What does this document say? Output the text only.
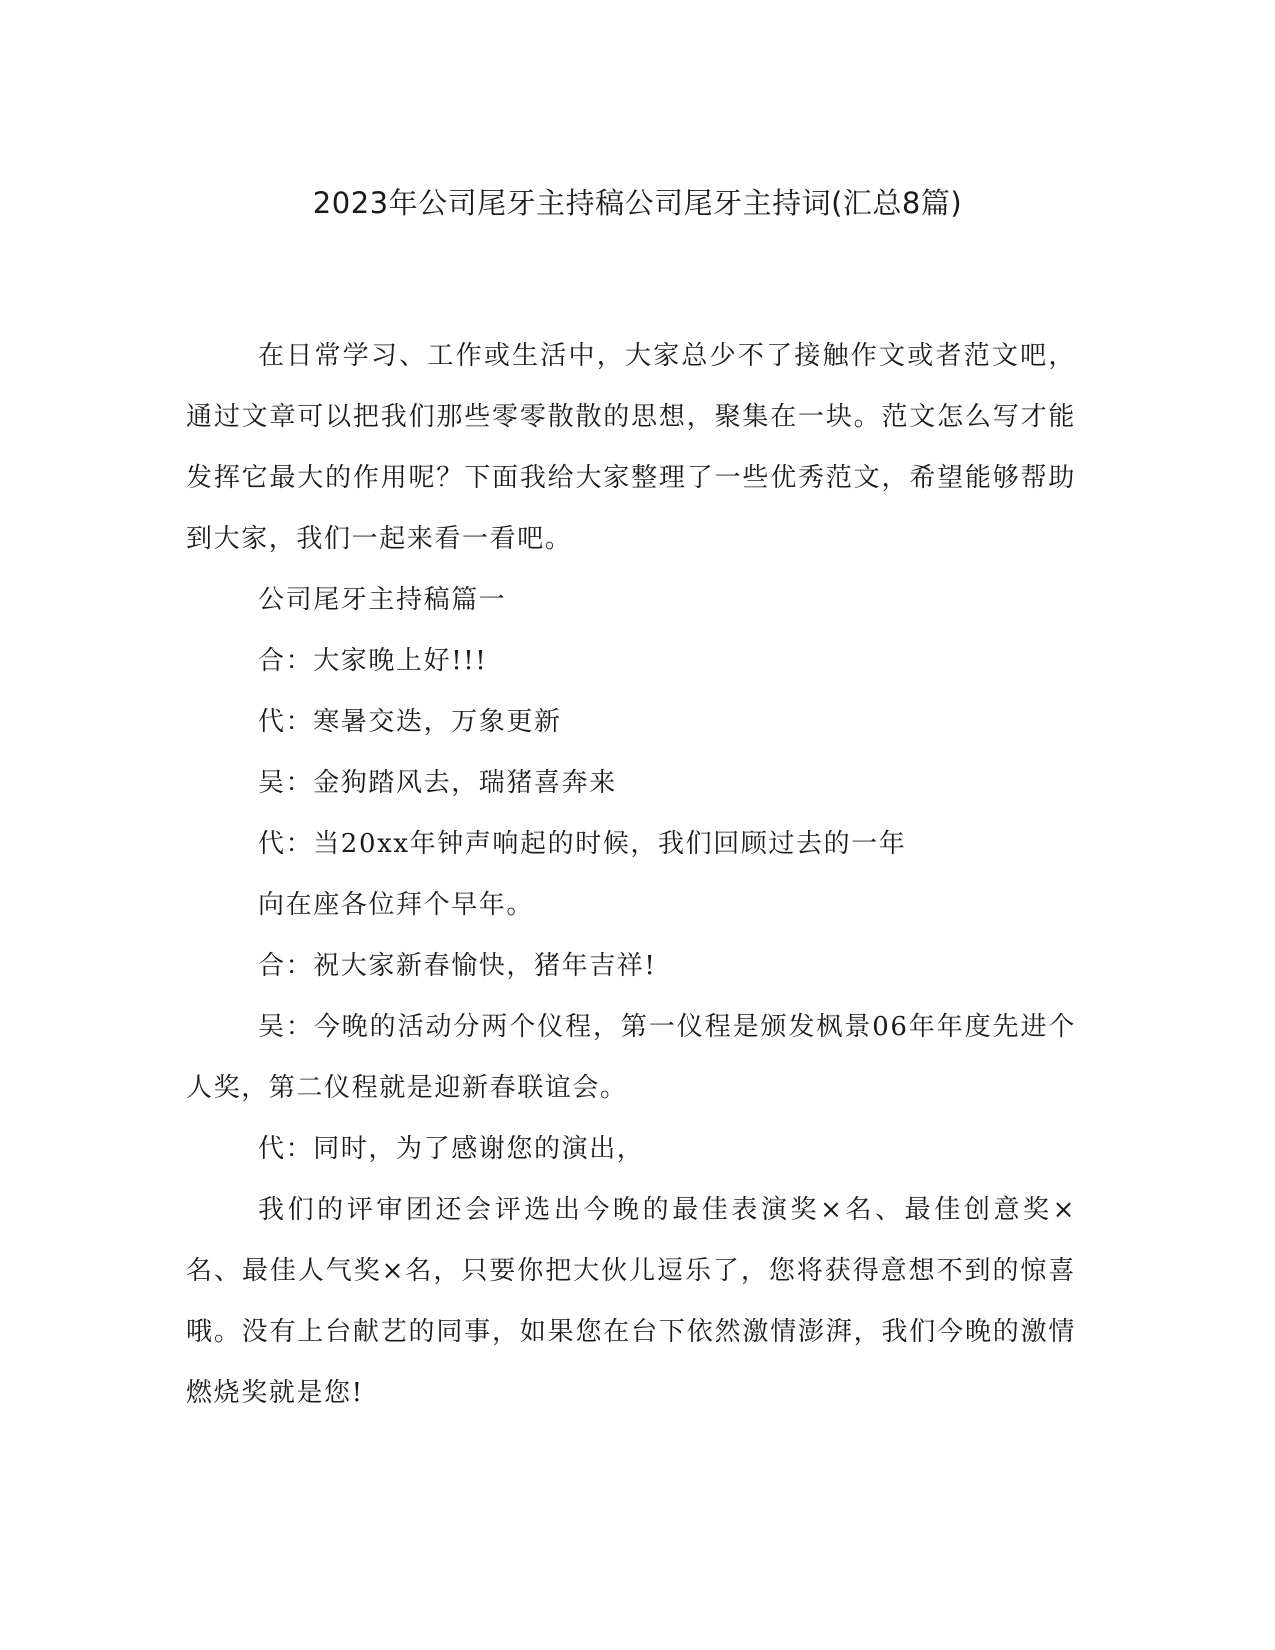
2023年公司尾牙主持稿公司尾牙主持词(汇总8篇)

在日常学习、工作或生活中，大家总少不了接触作文或者范文吧，通过文章可以把我们那些零零散散的思想，聚集在一块。范文怎么写才能发挥它最大的作用呢？下面我给大家整理了一些优秀范文，希望能够帮助到大家，我们一起来看一看吧。

公司尾牙主持稿篇一

合：大家晚上好!!!

代：寒暑交迭，万象更新

吴：金狗踏风去，瑞猪喜奔来

代：当20xx年钟声响起的时候，我们回顾过去的一年

向在座各位拜个早年。

合：祝大家新春愉快，猪年吉祥!

吴：今晚的活动分两个仪程，第一仪程是颁发枫景06年年度先进个人奖，第二仪程就是迎新春联谊会。

代：同时，为了感谢您的演出，

我们的评审团还会评选出今晚的最佳表演奖×名、最佳创意奖×名、最佳人气奖×名，只要你把大伙儿逗乐了，您将获得意想不到的惊喜哦。没有上台献艺的同事，如果您在台下依然激情澎湃，我们今晚的激情燃烧奖就是您!
